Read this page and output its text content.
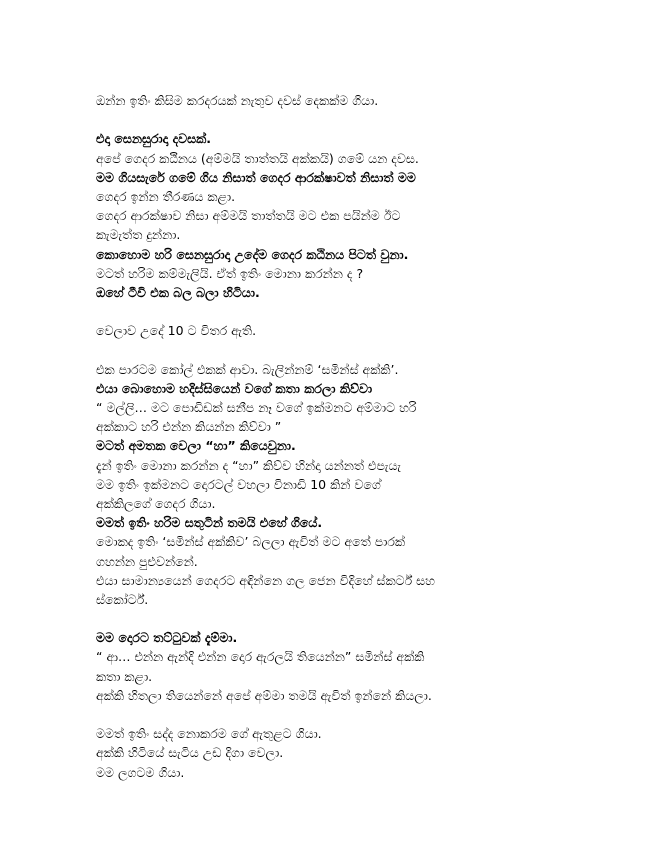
ඔන්න ඉතිං කිසිම කරදරයක් නැතුව දවස් දෙකක්ම ගියා.
එදා සෙනසුරාදා දවසක්.
අපේ ගෙදර කඨිිනය (අම්මයි තාත්තයි අක්කයි) ගමේ යන දවස.
මම ගියසැරේ ගමේ ගිය නිසාත් ගෙදර ආරක්ෂාවත් නිසාත් මම
ගෙදර ඉන්න තීරණය කළා.
ගෙදර ආරක්ෂාව නිසා අම්මයි තාත්තයි මට එක පයින්ම ඊට
කැමැත්ත දුන්නා.
කොහොම හරි සෙනසුරාදා උදේම ගෙදර කඨිනය පිටත් වුනා.
මටත් හරිම කම්මැලියි. ඒත් ඉතිං මොනා කරන්න ද ?
ඔහේ ටීවි එක බල බලා හිටියා.
වෙලාව උදේ 10 ට විතර ඇති.
එක පාරටම කෝල් එකක් ආවා. බැලින්නම් ‘සමින්ස් අක්කි’.
එයා බොහොම හදිස්සියෙන් වගේ කතා කරලා කිව්වා
“ මල්ලි… මට පොඩිඩක් සනීප නෑ වගේ ඉක්මනට අම්මාට හරි
අක්කාට හරි එන්න කියන්න කිව්වා ”
මටත් අමතක වෙලා “හා” කියෙවුනා.
දැන් ඉතිං මොනා කරන්න ද “හා” කිව්ව හින්දා යන්නත් එපැයැ
මම ඉතිං ඉක්මනට දොරටල් වහලා විනාඩි 10 කින් වගේ
අක්කිලගේ ගෙදර ගියා.
මමත් ඉතිං හරිම සතුටින් තමයි එහේ ගියේ.
මොකද ඉතිං ‘සමින්ස් අක්කිව’ බලලා ඇවිත් මට අතේ පාරක්
ගහන්න පුළුවන්නේ.
එයා සාමාන්‍යයෙන් ගෙදරට අඳින්නෙ ගල ජෙන විදිහේ ස්කර්ට් සහ
ස්කෝර්ට්.
මම දොරට තට්ටුවක් දැම්මා.
“ ආ… එන්න ඇන්දි එන්න දොර ඇරලයි තියෙන්න” සමින්ස් අක්කි
කතා කළා.
අක්කි හිතලා තියෙන්නේ අපේ අම්මා තමයි ඇවිත් ඉන්නේ කියලා.
මමත් ඉතිං සද්ද නොකරම ගේ ඇතුළට ගියා.
අක්කි හිටියේ සැටිය උඩ දිගා වෙලා.
මම ලගටම ගියා.
